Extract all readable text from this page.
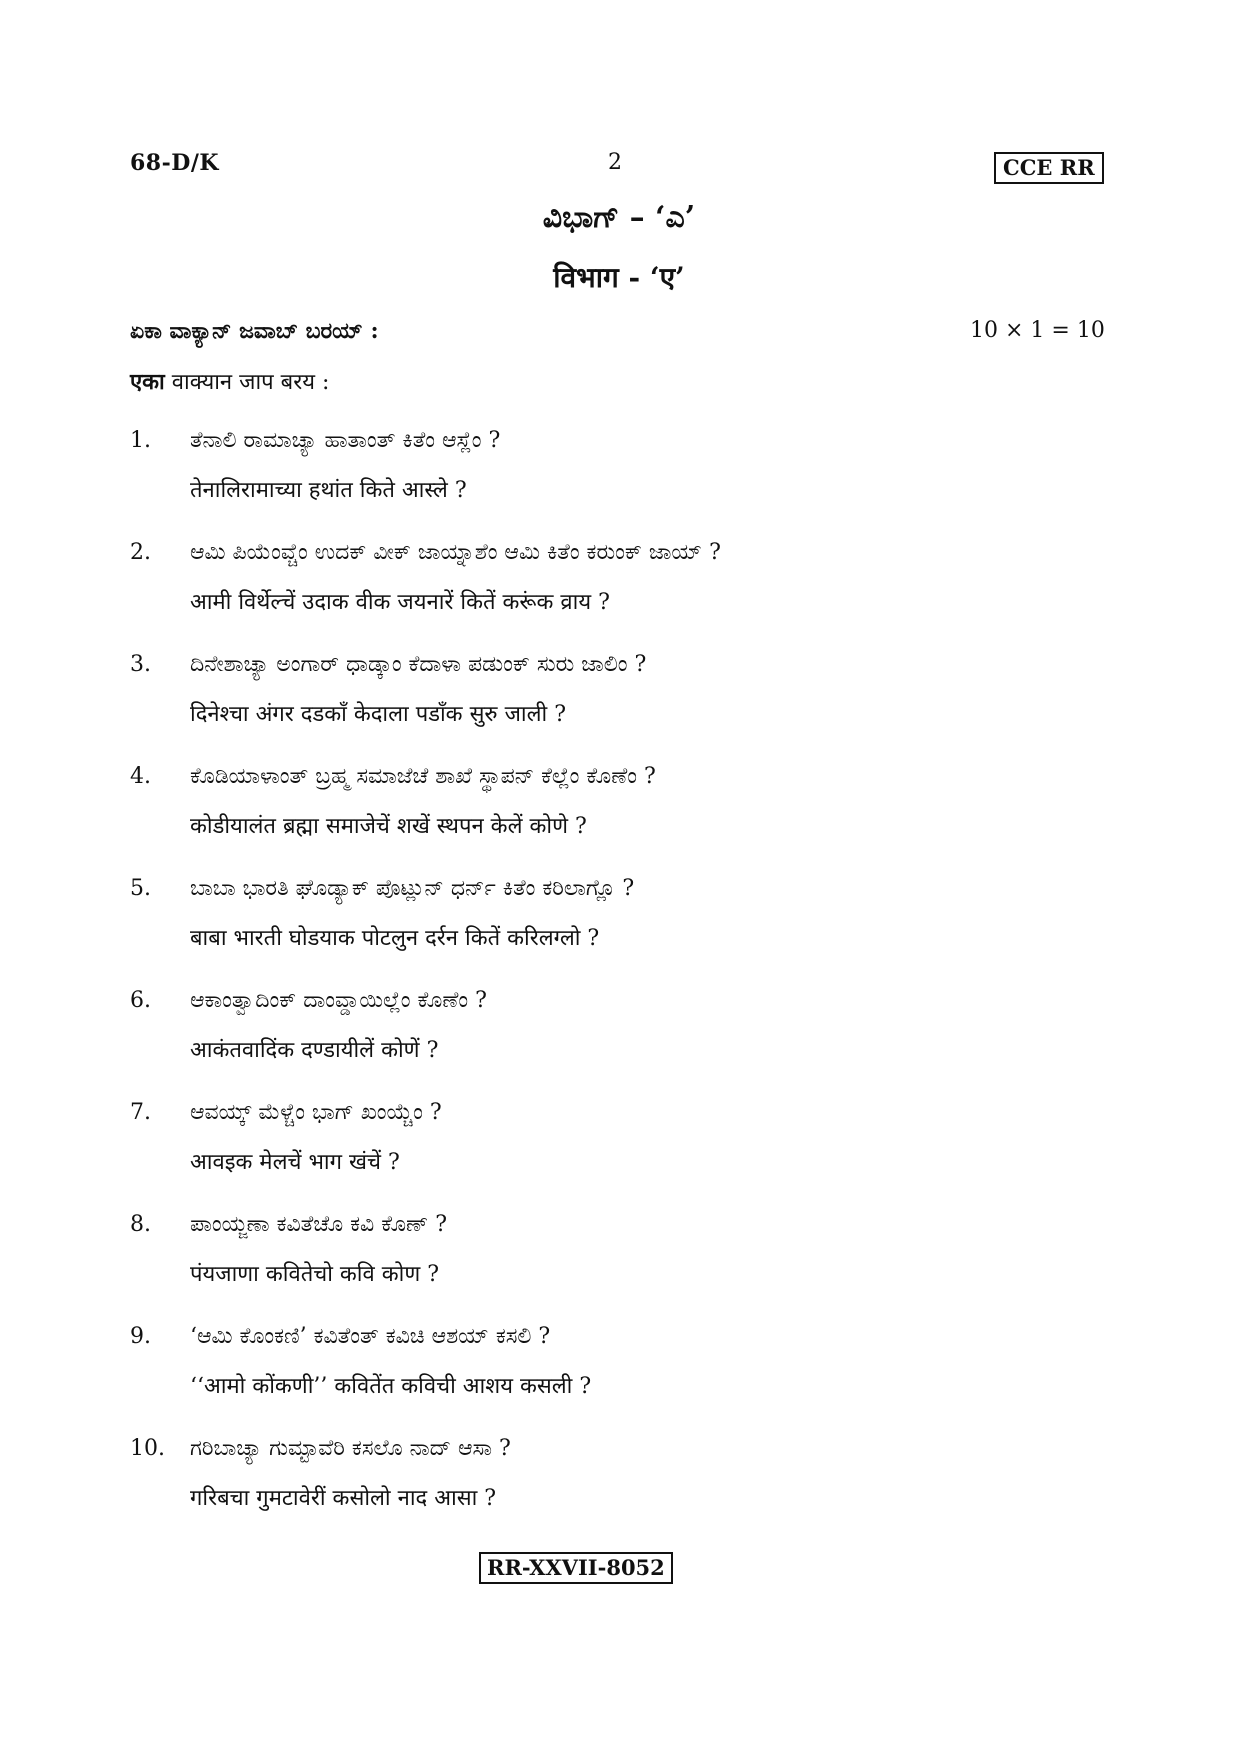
68-D/K	2	CCE RR
ವಿಭಾಗ್ – ‘ಎ’
विभाग - ‘ए’
ಏಕಾ ವಾಕ್ಯಾನ್ ಜವಾಬ್ ಬರಯ್ :	10 × 1 = 10
एका वाक्यान जाप बरय :
1. ತೆನಾಲಿ ರಾಮಾಚ್ಯಾ ಹಾತಾಂತ್ ಕಿತೆಂ ಆಸ್ಲೆಂ ?
तेनालिरामाच्या हथांत किते आस्ले ?
2. ಆಮಿ ಪಿಯೆಂವ್ಚೆಂ ಉದಕ್ ವೀಕ್ ಜಾಯ್ನಾಶೆಂ ಆಮಿ ಕಿತೆಂ ಕರುಂಕ್ ಜಾಯ್ ?
आमी विर्थेल्चें उदाक वीक जयनारें कितें करूंक व्राय ?
3. ದಿನೇಶಾಚ್ಯಾ ಅಂಗಾರ್ ಧಾಡ್ಕಾಂ ಕೆದಾಳಾ ಪಡುಂಕ್ ಸುರು ಜಾಲಿಂ ?
दिनेश्चा अंगर दडकाँ केदाला पडाँक सुरु जाली ?
4. ಕೊಡಿಯಾಳಾಂತ್ ಬ್ರಹ್ಮ ಸಮಾಜೆಚೆ ಶಾಖೆ ಸ್ಥಾಪನ್ ಕೆಲ್ಲೆಂ ಕೊಣೆಂ ?
कोडीयालंत ब्रह्मा समाजेचें शखें स्थपन केलें कोणे ?
5. ಬಾಬಾ ಭಾರತಿ ಘೊಡ್ಯಾಕ್ ಪೊಟ್ಲುನ್ ಧರ್ನ್ ಕಿತೆಂ ಕರಿಲಾಗ್ಲೊ ?
बाबा भारती घोडयाक पोटलुन दर्रन कितें करिलग्लो ?
6. ಆಕಾಂತ್ವಾದಿಂಕ್ ದಾಂವ್ಡಾಯಿಲ್ಲೆಂ ಕೊಣೆಂ ?
आकंतवादिंक दण्डायीलें कोणें ?
7. ಆವಯ್ಕ್ ಮೆಳ್ಚೆಂ ಭಾಗ್ ಖಂಯ್ಚೆಂ ?
आवइक मेलचें भाग खंचें ?
8. ಪಾಂಯ್ಜಣಾ ಕವಿತೆಚೊ ಕವಿ ಕೊಣ್ ?
पंयजाणा कवितेचो कवि कोण ?
9. ‘ಆಮಿ ಕೊಂಕಣಿ’ ಕವಿತೆಂತ್ ಕವಿಚಿ ಆಶಯ್ ಕಸಲಿ ?
‘‘आमो कोंकणी’’ कवितेंत कविची आशय कसली ?
10. ಗರಿಬಾಚ್ಯಾ ಗುಮ್ಟಾವೆರಿ ಕಸಲೊ ನಾದ್ ಆಸಾ ?
गरिबचा गुमटावेरीं कसोलो नाद आसा ?
RR-XXVII-8052
